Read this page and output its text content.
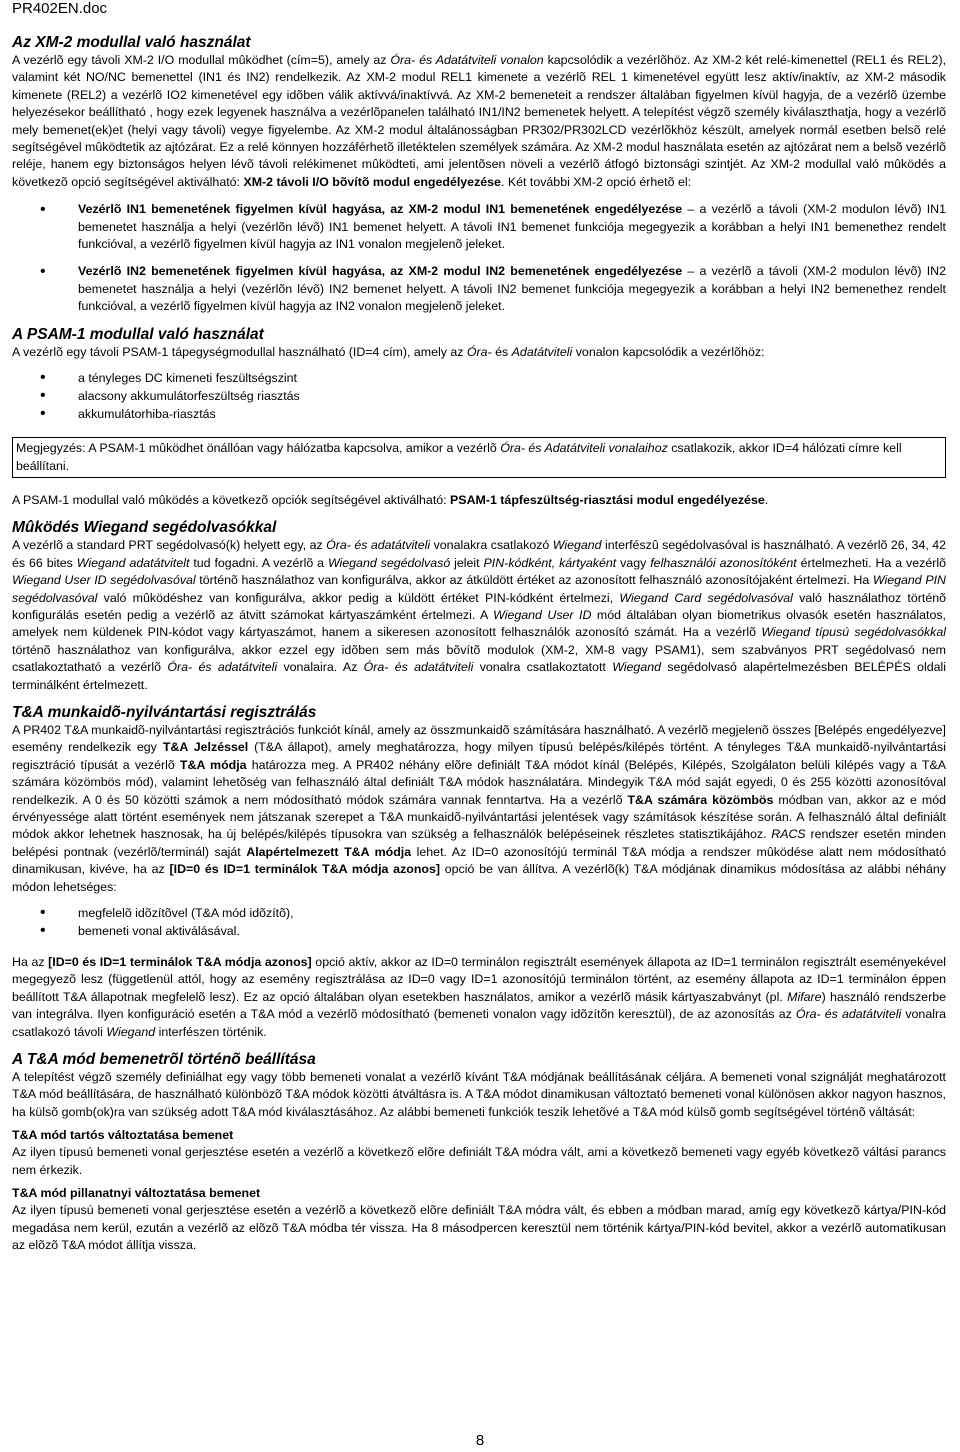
PR402EN.doc
Az XM-2 modullal való használat

A vezérlõ egy távoli XM-2 I/O modullal mûködhet (cím=5), amely az Óra- és Adatátviteli vonalon kapcsolódik a vezérlõhöz. Az XM-2 két relé-kimenettel (REL1 és REL2), valamint két NO/NC bemenettel (IN1 és IN2) rendelkezik. Az XM-2 modul REL1 kimenete a vezérlõ REL 1 kimenetével együtt lesz aktív/inaktív, az XM-2 második kimenete (REL2) a vezérlõ IO2 kimenetével egy idõben válik aktívvá/inaktívvá. Az XM-2 bemeneteit a rendszer általában figyelmen kívül hagyja, de a vezérlõ üzembe helyezésekor beállítható , hogy ezek legyenek használva a vezérlõpanelen található IN1/IN2 bemenetek helyett. A telepítést végzõ személy kiválaszthatja, hogy a vezérlõ mely bemenet(ek)et (helyi vagy távoli) vegye figyelembe. Az XM-2 modul általánosságban PR302/PR302LCD vezérlõkhöz készült, amelyek normál esetben belsõ relé segítségével mûködtetik az ajtózárat. Ez a relé könnyen hozzáférhetõ illetéktelen személyek számára. Az XM-2 modul használata esetén az ajtózárat nem a belsõ vezérlõ reléje, hanem egy biztonságos helyen lévõ távoli relékimenet mûködteti, ami jelentõsen növeli a vezérlõ átfogó biztonsági szintjét. Az XM-2 modullal való mûködés a következõ opció segítségével aktiválható: XM-2 távoli I/O bõvítõ modul engedélyezése. Két további XM-2 opció érhetõ el:

• Vezérlõ IN1 bemenetének figyelmen kívül hagyása, az XM-2 modul IN1 bemenetének engedélyezése – a vezérlõ a távoli (XM-2 modulon lévõ) IN1 bemenetet használja a helyi (vezérlõn lévõ) IN1 bemenet helyett. A távoli IN1 bemenet funkciója megegyezik a korábban a helyi IN1 bemenethez rendelt funkcióval, a vezérlõ figyelmen kívül hagyja az IN1 vonalon megjelenõ jeleket.
• Vezérlõ IN2 bemenetének figyelmen kívül hagyása, az XM-2 modul IN2 bemenetének engedélyezése – a vezérlõ a távoli (XM-2 modulon lévõ) IN2 bemenetet használja a helyi (vezérlõn lévõ) IN2 bemenet helyett. A távoli IN2 bemenet funkciója megegyezik a korábban a helyi IN2 bemenethez rendelt funkcióval, a vezérlõ figyelmen kívül hagyja az IN2 vonalon megjelenõ jeleket.
A PSAM-1 modullal való használat

A vezérlõ egy távoli PSAM-1 tápegységmodullal használható (ID=4 cím), amely az Óra- és Adatátviteli vonalon kapcsolódik a vezérlõhöz:

• a tényleges DC kimeneti feszültségszint
• alacsony akkumulátorfeszültség riasztás
• akkumulátorhiba-riasztás
Megjegyzés: A PSAM-1 mûködhet önállóan vagy hálózatba kapcsolva, amikor a vezérlõ Óra- és Adatátviteli vonalaihoz csatlakozik, akkor ID=4 hálózati címre kell beállítani.

A PSAM-1 modullal való mûködés a következõ opciók segítségével aktiválható: PSAM-1 tápfeszültség-riasztási modul engedélyezése.

Mûködés Wiegand segédolvasókkal

A vezérlõ a standard PRT segédolvasó(k) helyett egy, az Óra- és adatátviteli vonalakra csatlakozó Wiegand interfészû segédolvasóval is használható. A vezérlõ 26, 34, 42 és 66 bites Wiegand adatátvitelt tud fogadni. A vezérlõ a Wiegand segédolvasó jeleit PIN-kódként, kártyaként vagy felhasználói azonosítóként értelmezheti. Ha a vezérlõ Wiegand User ID segédolvasóval történõ használathoz van konfigurálva, akkor az átküldött értéket az azonosított felhasználó azonosítójaként értelmezi. Ha Wiegand PIN segédolvasóval való mûködéshez van konfigurálva, akkor pedig a küldött értéket PIN-kódként értelmezi, Wiegand Card segédolvasóval való használathoz történõ konfigurálás esetén pedig a vezérlõ az átvitt számokat kártyaszámként értelmezi. A Wiegand User ID mód általában olyan biometrikus olvasók esetén használatos, amelyek nem küldenek PIN-kódot vagy kártyaszámot, hanem a sikeresen azonosított felhasználók azonosító számát. Ha a vezérlõ Wiegand típusú segédolvasókkal történõ használathoz van konfigurálva, akkor ezzel egy idõben sem más bõvítõ modulok (XM-2, XM-8 vagy PSAM1), sem szabványos PRT segédolvasó nem csatlakoztatható a vezérlõ Óra- és adatátviteli vonalaira. Az Óra- és adatátviteli vonalra csatlakoztatott Wiegand segédolvasó alapértelmezésben BELÉPÉS oldali terminálként értelmezett.

T&A munkaidõ-nyilvántartási regisztrálás

A PR402 T&A munkaidõ-nyilvántartási regisztrációs funkciót kínál, amely az összmunkaidõ számítására használható. A vezérlõ megjelenõ összes [Belépés engedélyezve] esemény rendelkezik egy T&A Jelzéssel (T&A állapot), amely meghatározza, hogy milyen típusú belépés/kilépés történt. A tényleges T&A munkaidõ-nyilvántartási regisztráció típusát a vezérlõ T&A módja határozza meg. A PR402 néhány elõre definiált T&A módot kínál (Belépés, Kilépés, Szolgálaton belüli kilépés vagy a T&A számára közömbös mód), valamint lehetõség van felhasználó által definiált T&A módok használatára. Mindegyik T&A mód saját egyedi, 0 és 255 közötti azonosítóval rendelkezik. A 0 és 50 közötti számok a nem módosítható módok számára vannak fenntartva. Ha a vezérlõ T&A számára közömbös módban van, akkor az e mód érvényessége alatt történt események nem játszanak szerepet a T&A munkaidõ-nyilvántartási jelentések vagy számítások készítése során. A felhasználó által definiált módok akkor lehetnek hasznosak, ha új belépés/kilépés típusokra van szükség a felhasználók belépéseinek részletes statisztikájához. RACS rendszer esetén minden belépési pontnak (vezérlõ/terminál) saját Alapértelmezett T&A módja lehet. Az ID=0 azonosítójú terminál T&A módja a rendszer mûködése alatt nem módosítható dinamikusan, kivéve, ha az [ID=0 és ID=1 terminálok T&A módja azonos] opció be van állítva. A vezérlõ(k) T&A módjának dinamikus módosítása az alábbi néhány módon lehetséges:

• megfelelõ idõzítõvel (T&A mód idõzítõ),
• bemeneti vonal aktiválásával.

Ha az [ID=0 és ID=1 terminálok T&A módja azonos] opció aktív, akkor az ID=0 terminálon regisztrált események állapota az ID=1 terminálon regisztrált eseményekével megegyezõ lesz (függetlenül attól, hogy az esemény regisztrálása az ID=0 vagy ID=1 azonosítójú terminálon történt, az esemény állapota az ID=1 terminálon éppen beállított T&A állapotnak megfelelõ lesz). Ez az opció általában olyan esetekben használatos, amikor a vezérlõ másik kártyaszabványt (pl. Mifare) használó rendszerbe van integrálva. Ilyen konfiguráció esetén a T&A mód a vezérlõ módosítható (bemeneti vonalon vagy idõzítõn keresztül), de az azonosítás az Óra- és adatátviteli vonalra csatlakozó távoli Wiegand interfészen történik.

A T&A mód bemenetrõl történõ beállítása

A telepítést végzõ személy definiálhat egy vagy több bemeneti vonalat a vezérlõ kívánt T&A módjának beállításának céljára. A bemeneti vonal szignálját meghatározott T&A mód beállítására, de használható különbözõ T&A módok közötti átváltásra is. A T&A módot dinamikusan változtató bemeneti vonal különösen akkor nagyon hasznos, ha külsõ gomb(ok)ra van szükség adott T&A mód kiválasztásához. Az alábbi bemeneti funkciók teszik lehetõvé a T&A mód külsõ gomb segítségével történõ váltását:

T&A mód tartós változtatása bemenet

Az ilyen típusú bemeneti vonal gerjesztése esetén a vezérlõ a következõ elõre definiált T&A módra vált, ami a következõ bemeneti vagy egyéb következõ váltási parancs nem érkezik.

T&A mód pillanatnyi változtatása bemenet

Az ilyen típusú bemeneti vonal gerjesztése esetén a vezérlõ a következõ elõre definiált T&A módra vált, és ebben a módban marad, amíg egy következõ kártya/PIN-kód megadása nem kerül, ezután a vezérlõ az elõzõ T&A módba tér vissza. Ha 8 másodpercen keresztül nem történik kártya/PIN-kód bevitel, akkor a vezérlõ automatikusan az elõzõ T&A módot állítja vissza.

8
